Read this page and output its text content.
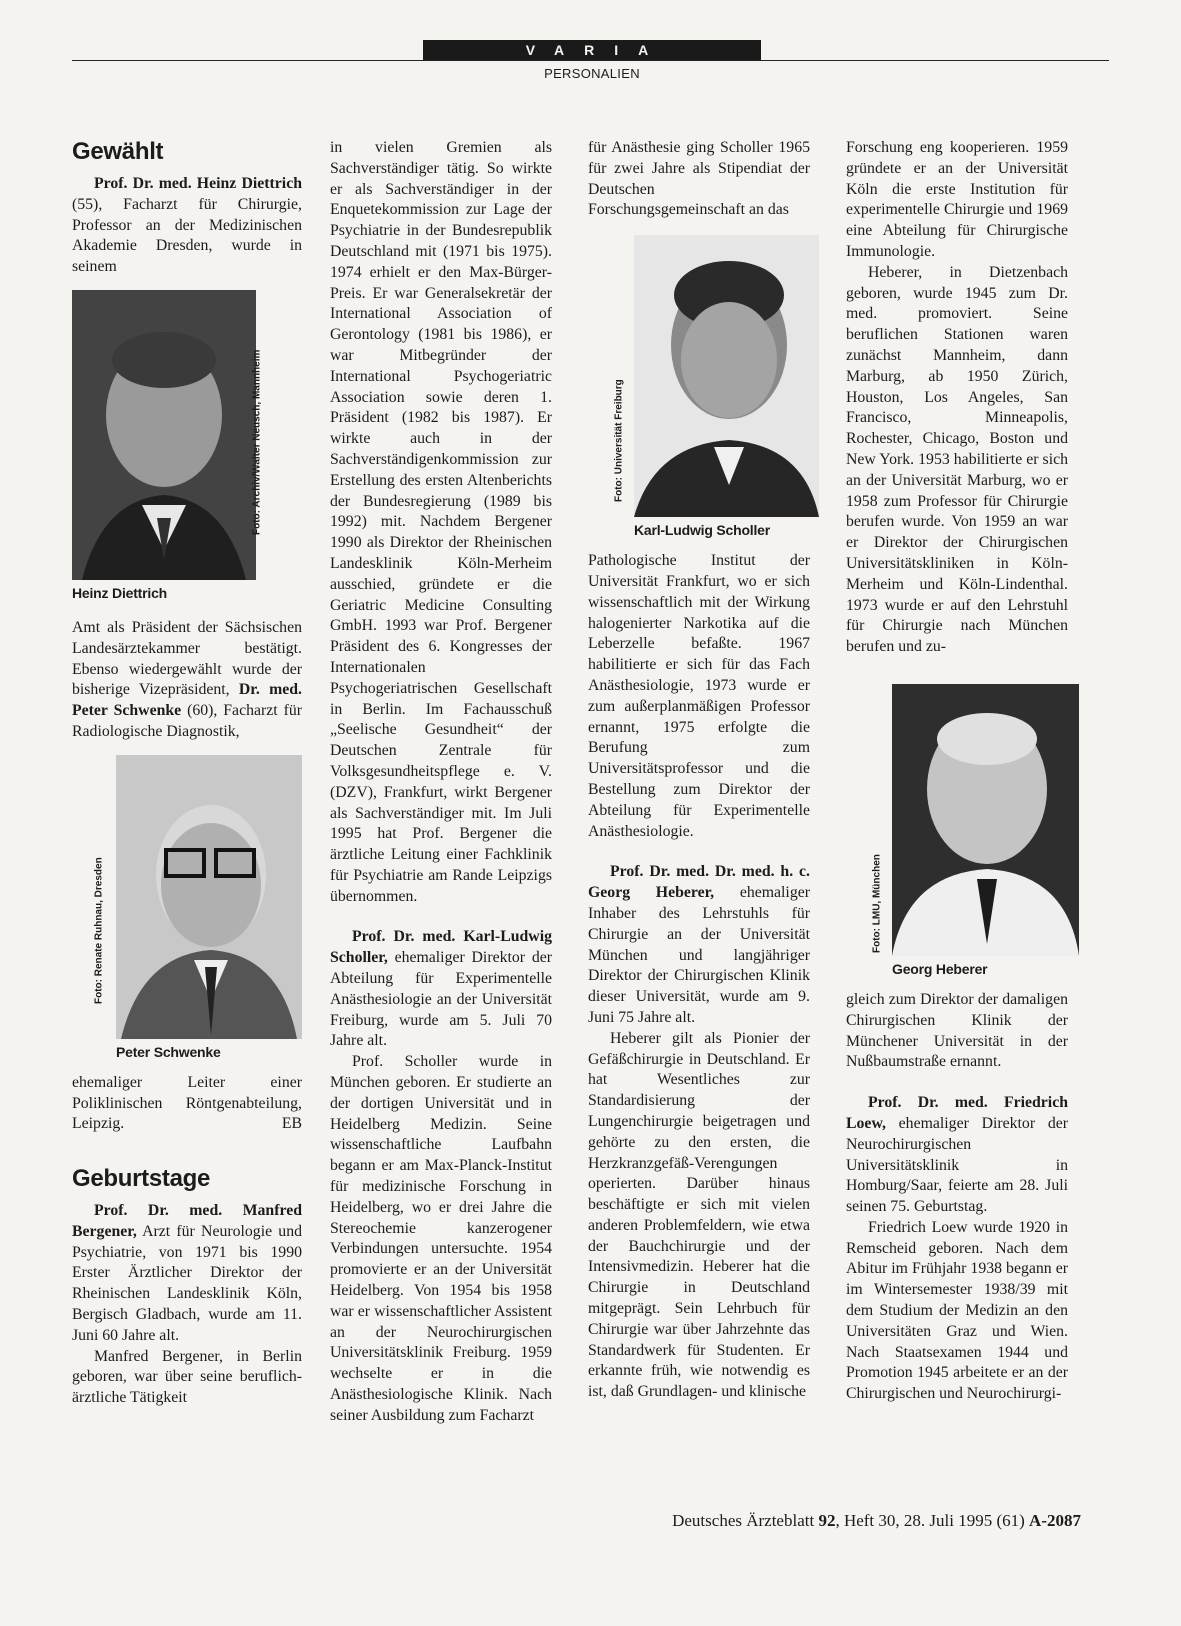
VARIA
PERSONALIEN
Gewählt

Prof. Dr. med. Heinz Diettrich (55), Facharzt für Chirurgie, Professor an der Medizinischen Akademie Dresden, wurde in seinem

Foto: Archiv/Walter Neusch, Mannheim
Heinz Diettrich

Amt als Präsident der Sächsischen Landesärztekammer bestätigt. Ebenso wiedergewählt wurde der bisherige Vizepräsident, Dr. med. Peter Schwenke (60), Facharzt für Radiologische Diagnostik,

Foto: Renate Ruhnau, Dresden
Peter Schwenke

ehemaliger Leiter einer Poliklinischen Röntgenabteilung, Leipzig.	EB
Geburtstage

Prof. Dr. med. Manfred Bergener, Arzt für Neurologie und Psychiatrie, von 1971 bis 1990 Erster Ärztlicher Direktor der Rheinischen Landesklinik Köln, Bergisch Gladbach, wurde am 11. Juni 60 Jahre alt.

Manfred Bergener, in Berlin geboren, war über seine beruflich-ärztliche Tätigkeit

in vielen Gremien als Sachverständiger tätig. So wirkte er als Sachverständiger in der Enquetekommission zur Lage der Psychiatrie in der Bundesrepublik Deutschland mit (1971 bis 1975). 1974 erhielt er den Max-Bürger-Preis. Er war Generalsekretär der International Association of Gerontology (1981 bis 1986), er war Mitbegründer der International Psychogeriatric Association sowie deren 1. Präsident (1982 bis 1987). Er wirkte auch in der Sachverständigenkommission zur Erstellung des ersten Altenberichts der Bundesregierung (1989 bis 1992) mit. Nachdem Bergener 1990 als Direktor der Rheinischen Landesklinik Köln-Merheim ausschied, gründete er die Geriatric Medicine Consulting GmbH. 1993 war Prof. Bergener Präsident des 6. Kongresses der Internationalen Psychogeriatrischen Gesellschaft in Berlin. Im Fachausschuß „Seelische Gesundheit“ der Deutschen Zentrale für Volksgesundheitspflege e. V. (DZV), Frankfurt, wirkt Bergener als Sachverständiger mit. Im Juli 1995 hat Prof. Bergener die ärztliche Leitung einer Fachklinik für Psychiatrie am Rande Leipzigs übernommen.

Prof. Dr. med. Karl-Ludwig Scholler, ehemaliger Direktor der Abteilung für Experimentelle Anästhesiologie an der Universität Freiburg, wurde am 5. Juli 70 Jahre alt.

Prof. Scholler wurde in München geboren. Er studierte an der dortigen Universität und in Heidelberg Medizin. Seine wissenschaftliche Laufbahn begann er am Max-Planck-Institut für medizinische Forschung in Heidelberg, wo er drei Jahre die Stereochemie kanzerogener Verbindungen untersuchte. 1954 promovierte er an der Universität Heidelberg. Von 1954 bis 1958 war er wissenschaftlicher Assistent an der Neurochirurgischen Universitätsklinik Freiburg. 1959 wechselte er in die Anästhesiologische Klinik. Nach seiner Ausbildung zum Facharzt

für Anästhesie ging Scholler 1965 für zwei Jahre als Stipendiat der Deutschen Forschungsgemeinschaft an das

Foto: Universität Freiburg
Karl-Ludwig Scholler

Pathologische Institut der Universität Frankfurt, wo er sich wissenschaftlich mit der Wirkung halogenierter Narkotika auf die Leberzelle befaßte. 1967 habilitierte er sich für das Fach Anästhesiologie, 1973 wurde er zum außerplanmäßigen Professor ernannt, 1975 erfolgte die Berufung zum Universitätsprofessor und die Bestellung zum Direktor der Abteilung für Experimentelle Anästhesiologie.

Prof. Dr. med. Dr. med. h. c. Georg Heberer, ehemaliger Inhaber des Lehrstuhls für Chirurgie an der Universität München und langjähriger Direktor der Chirurgischen Klinik dieser Universität, wurde am 9. Juni 75 Jahre alt.

Heberer gilt als Pionier der Gefäßchirurgie in Deutschland. Er hat Wesentliches zur Standardisierung der Lungenchirurgie beigetragen und gehörte zu den ersten, die Herzkranzgefäß-Verengungen operierten. Darüber hinaus beschäftigte er sich mit vielen anderen Problemfeldern, wie etwa der Bauchchirurgie und der Intensivmedizin. Heberer hat die Chirurgie in Deutschland mitgeprägt. Sein Lehrbuch für Chirurgie war über Jahrzehnte das Standardwerk für Studenten. Er erkannte früh, wie notwendig es ist, daß Grundlagen- und klinische

Forschung eng kooperieren. 1959 gründete er an der Universität Köln die erste Institution für experimentelle Chirurgie und 1969 eine Abteilung für Chirurgische Immunologie.

Heberer, in Dietzenbach geboren, wurde 1945 zum Dr. med. promoviert. Seine beruflichen Stationen waren zunächst Mannheim, dann Marburg, ab 1950 Zürich, Houston, Los Angeles, San Francisco, Minneapolis, Rochester, Chicago, Boston und New York. 1953 habilitierte er sich an der Universität Marburg, wo er 1958 zum Professor für Chirurgie berufen wurde. Von 1959 an war er Direktor der Chirurgischen Universitätskliniken in Köln-Merheim und Köln-Lindenthal. 1973 wurde er auf den Lehrstuhl für Chirurgie nach München berufen und zu-

Foto: LMU, München
Georg Heberer

gleich zum Direktor der damaligen Chirurgischen Klinik der Münchener Universität in der Nußbaumstraße ernannt.

Prof. Dr. med. Friedrich Loew, ehemaliger Direktor der Neurochirurgischen Universitätsklinik in Homburg/Saar, feierte am 28. Juli seinen 75. Geburtstag.

Friedrich Loew wurde 1920 in Remscheid geboren. Nach dem Abitur im Frühjahr 1938 begann er im Wintersemester 1938/39 mit dem Studium der Medizin an den Universitäten Graz und Wien. Nach Staatsexamen 1944 und Promotion 1945 arbeitete er an der Chirurgischen und Neurochirurgi-

Deutsches Ärzteblatt 92, Heft 30, 28. Juli 1995 (61) A-2087
